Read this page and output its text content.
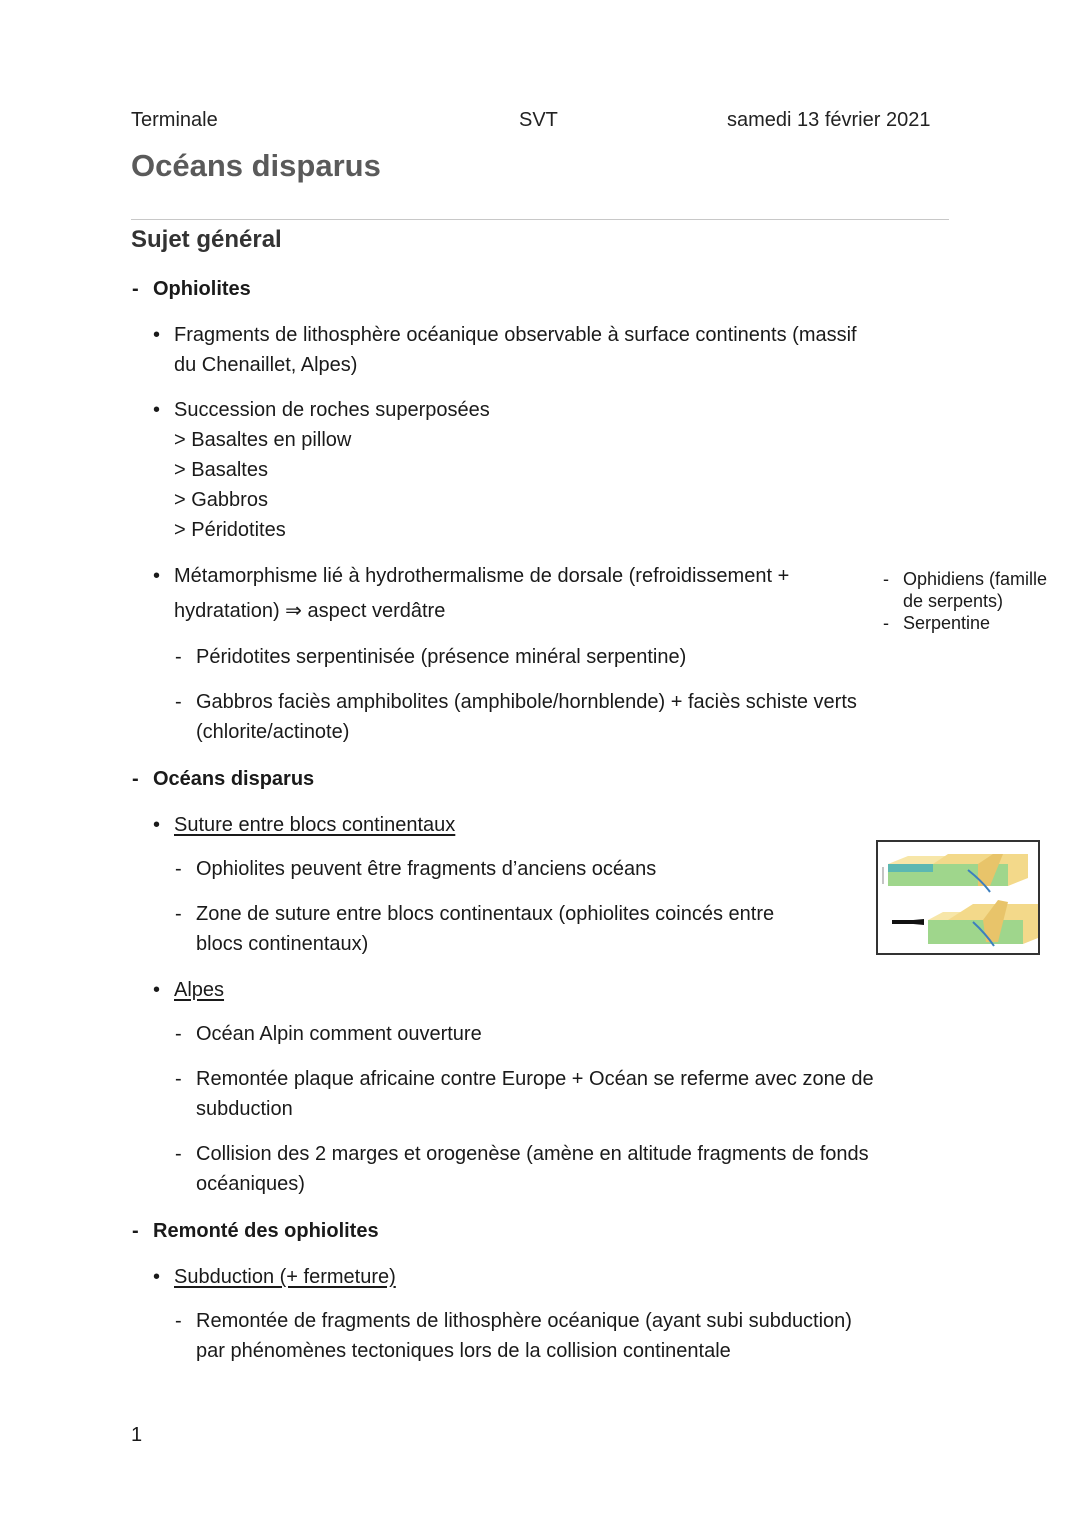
Terminale	SVT	samedi 13 février 2021
Océans disparus
Sujet général
- Ophiolites
• Fragments de lithosphère océanique observable à surface continents (massif
du Chenaillet, Alpes)
• Succession de roches superposées
> Basaltes en pillow
> Basaltes
> Gabbros
> Péridotites
• Métamorphisme lié à hydrothermalisme de dorsale (refroidissement +
hydratation) ⇒ aspect verdâtre
- Péridotites serpentinisée (présence minéral serpentine)
- Gabbros faciès amphibolites (amphibole/hornblende) + faciès schiste verts
(chlorite/actinote)
- Ophidiens (famille
de serpents)
- Serpentine
- Océans disparus
• Suture entre blocs continentaux
- Ophiolites peuvent être fragments d’anciens océans
- Zone de suture entre blocs continentaux (ophiolites coincés entre
blocs continentaux)
• Alpes
- Océan Alpin comment ouverture
- Remontée plaque africaine contre Europe + Océan se referme avec zone de
subduction
- Collision des 2 marges et orogenèse (amène en altitude fragments de fonds
océaniques)
- Remonté des ophiolites
• Subduction (+ fermeture)
- Remontée de fragments de lithosphère océanique (ayant subi subduction)
par phénomènes tectoniques lors de la collision continentale
1
